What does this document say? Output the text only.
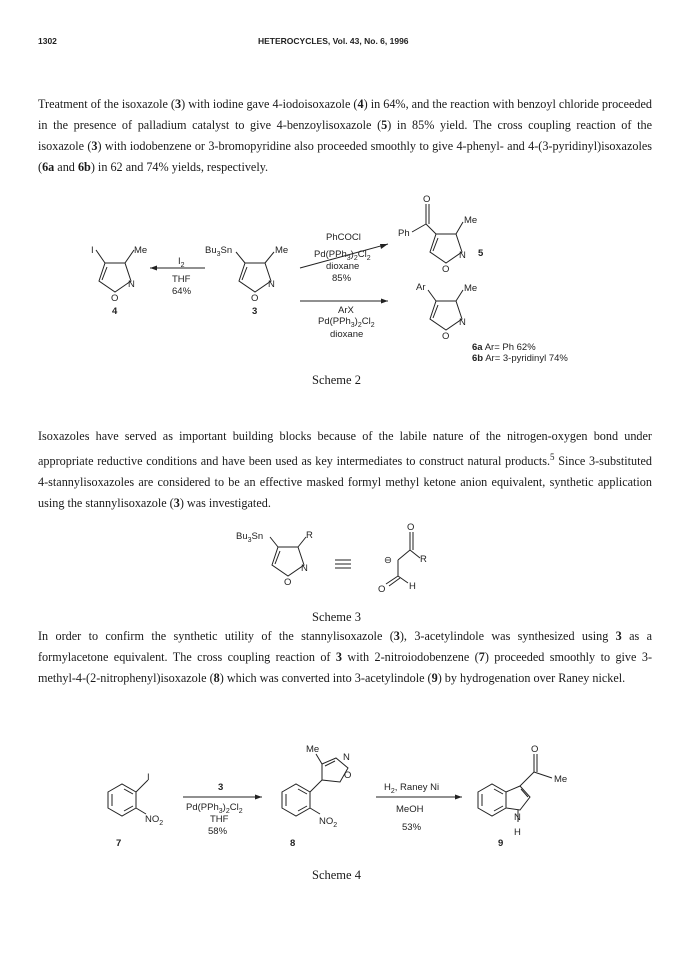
1302	HETEROCYCLES, Vol. 43, No. 6, 1996

Treatment of the isoxazole (3) with iodine gave 4-iodoisoxazole (4) in 64%, and the reaction with benzoyl chloride proceeded in the presence of palladium catalyst to give 4-benzoylisoxazole (5) in 85% yield. The cross coupling reaction of the isoxazole (3) with iodobenzene or 3-bromopyridine also proceeded smoothly to give 4-phenyl- and 4-(3-pyridinyl)isoxazoles (6a and 6b) in 62 and 74% yields, respectively.

I	Me
N
O
4
$I_2$
THF
64%
$Bu_3Sn$	Me
N
O
3
PhCOCl
$Pd(PPh_3)_2Cl_2$
dioxane
85%
ArX
$Pd(PPh_3)_2Cl_2$
dioxane
O
Ph
Me
N
O
5
Ar	Me
N
O
6a Ar= Ph 62%
6b Ar= 3-pyridinyl 74%
Scheme 2

Isoxazoles have served as important building blocks because of the labile nature of the nitrogen-oxygen bond under appropriate reductive conditions and have been used as key intermediates to construct natural products.$^5$ Since 3-substituted 4-stannylisoxazoles are considered to be an effective masked formyl methyl ketone anion equivalent, synthetic application using the stannylisoxazole (3) was investigated.

$Bu_3Sn$	R
N
O
O
R
⊖
O H
Scheme 3

In order to confirm the synthetic utility of the stannylisoxazole (3), 3-acetylindole was synthesized using 3 as a formylacetone equivalent. The cross coupling reaction of 3 with 2-nitroiodobenzene (7) proceeded smoothly to give 3-methyl-4-(2-nitrophenyl)isoxazole (8) which was converted into 3-acetylindole (9) by hydrogenation over Raney nickel.

I
$NO_2$
7
3
$Pd(PPh_3)_2Cl_2$
THF
58%
Me
N
O
$NO_2$
8
$H_2$, Raney Ni
MeOH
53%
O
Me
N
H
9
Scheme 4
